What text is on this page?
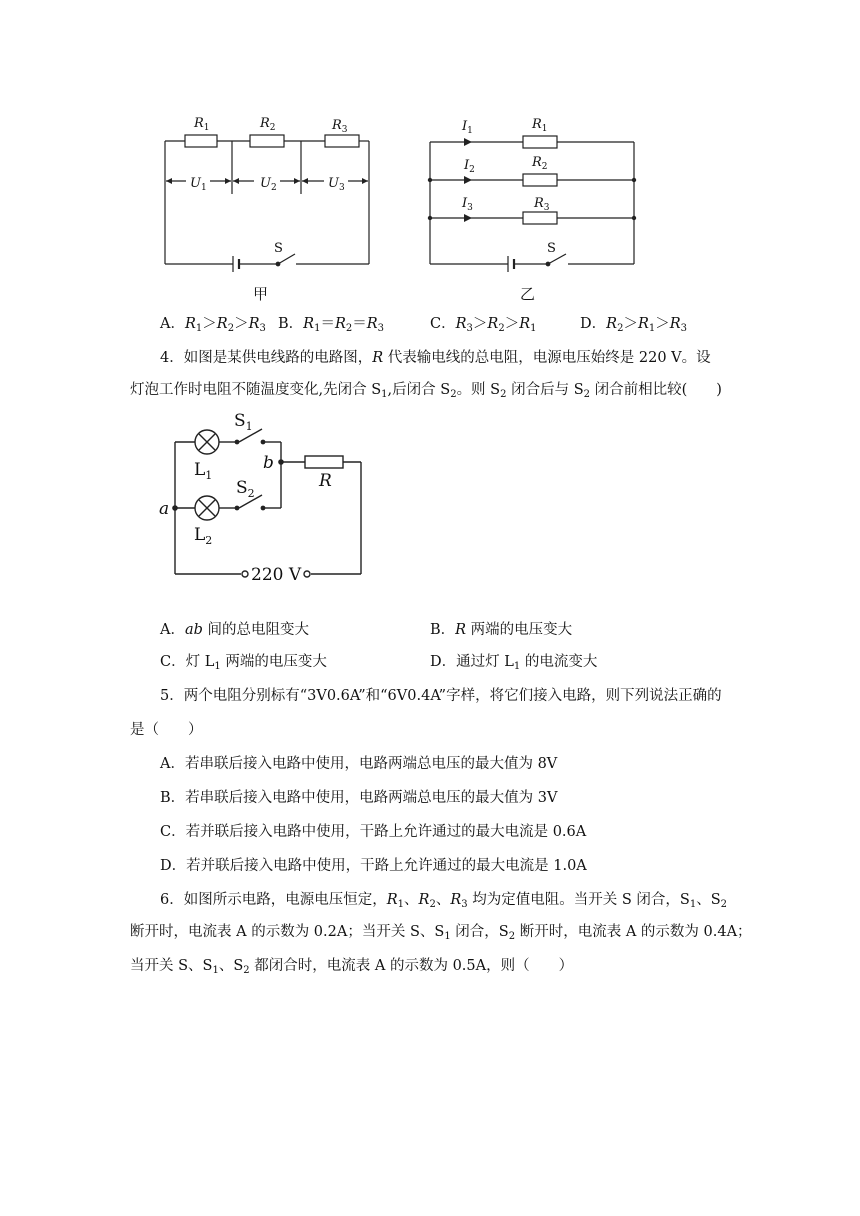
$R_1$	$R_2$	$R_3$
$U_1$	$U_2$	$U_3$
S
甲
$I_1$
$I_2$
$I_3$
$R_1$
$R_2$
$R_3$
S
乙
A．$R_1>R_2>R_3$ B．$R_1=R_2=R_3$	C．$R_3>R_2>R_1$	D．$R_2>R_1>R_3$
4．如图是某供电线路的电路图，R 代表输电线的总电阻，电源电压始终是 220 V。设
灯泡工作时电阻不随温度变化,先闭合 $S_1$,后闭合 $S_2$。则 $S_2$ 闭合后与 $S_2$ 闭合前相比较(　　)
$S_1$
$L_1$
b
R
$S_2$
a
$L_2$
220 V
A．ab 间的总电阻变大	B．R 两端的电压变大
C．灯 $L_1$ 两端的电压变大	D．通过灯 $L_1$ 的电流变大
5．两个电阻分别标有“3V0.6A”和“6V0.4A”字样，将它们接入电路，则下列说法正确的
是（　　）
A．若串联后接入电路中使用，电路两端总电压的最大值为 8V
B．若串联后接入电路中使用，电路两端总电压的最大值为 3V
C．若并联后接入电路中使用，干路上允许通过的最大电流是 0.6A
D．若并联后接入电路中使用，干路上允许通过的最大电流是 1.0A
6．如图所示电路，电源电压恒定，$R_1$、$R_2$、$R_3$ 均为定值电阻。当开关 S 闭合，$S_1$、$S_2$
断开时，电流表 A 的示数为 0.2A；当开关 S、$S_1$ 闭合，$S_2$ 断开时，电流表 A 的示数为 0.4A；
当开关 S、$S_1$、$S_2$ 都闭合时，电流表 A 的示数为 0.5A，则（　　）
